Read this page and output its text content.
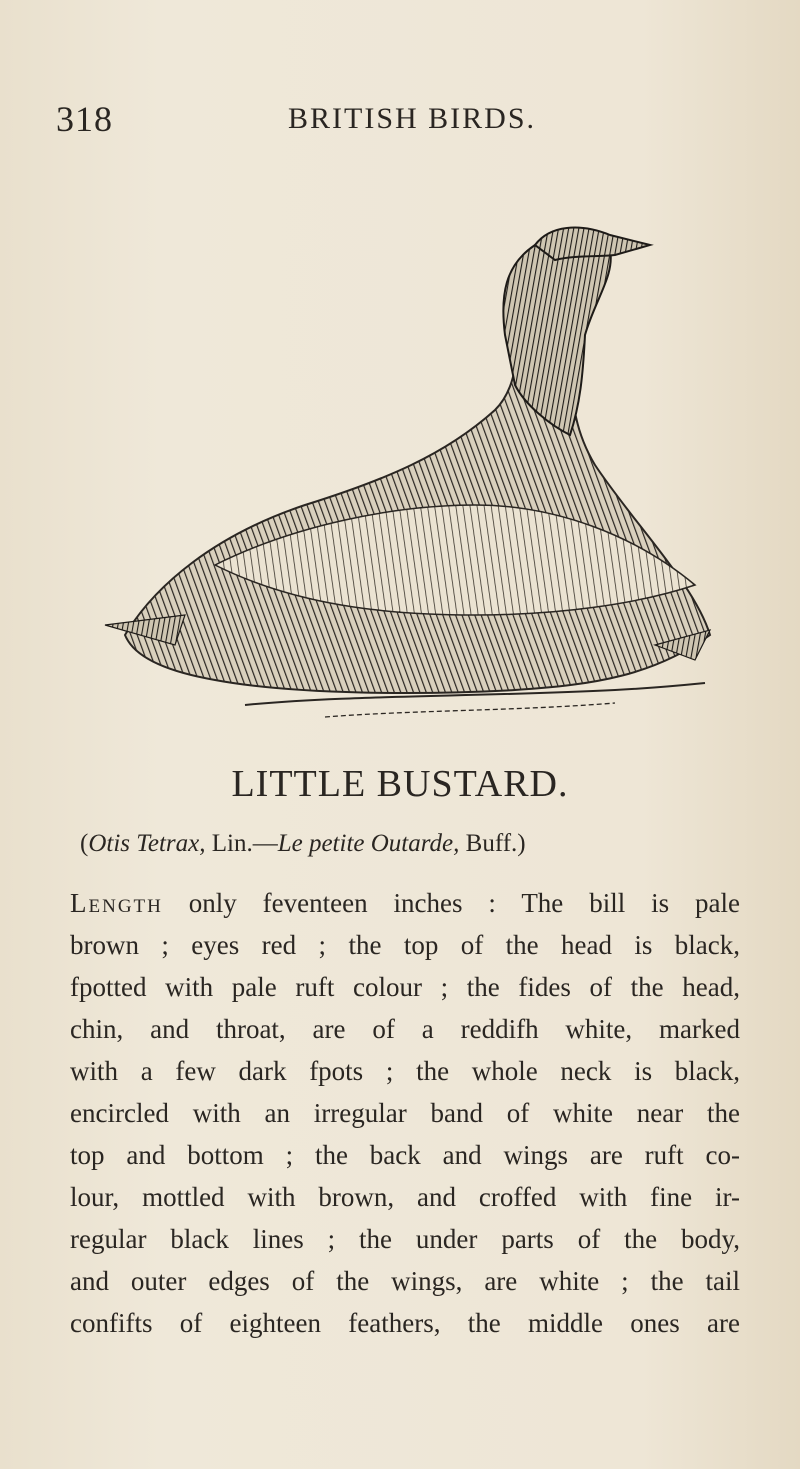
318	BRITISH BIRDS.
LITTLE BUSTARD.
(Otis Tetrax, Lin.—Le petite Outarde, Buff.)
Length only feventeen inches : The bill is pale
brown ; eyes red ; the top of the head is black,
fpotted with pale ruft colour ; the fides of the head,
chin, and throat, are of a reddifh white, marked
with a few dark fpots ; the whole neck is black,
encircled with an irregular band of white near the
top and bottom ; the back and wings are ruft co-
lour, mottled with brown, and croffed with fine ir-
regular black lines ; the under parts of the body,
and outer edges of the wings, are white ; the tail
confifts of eighteen feathers, the middle ones are
